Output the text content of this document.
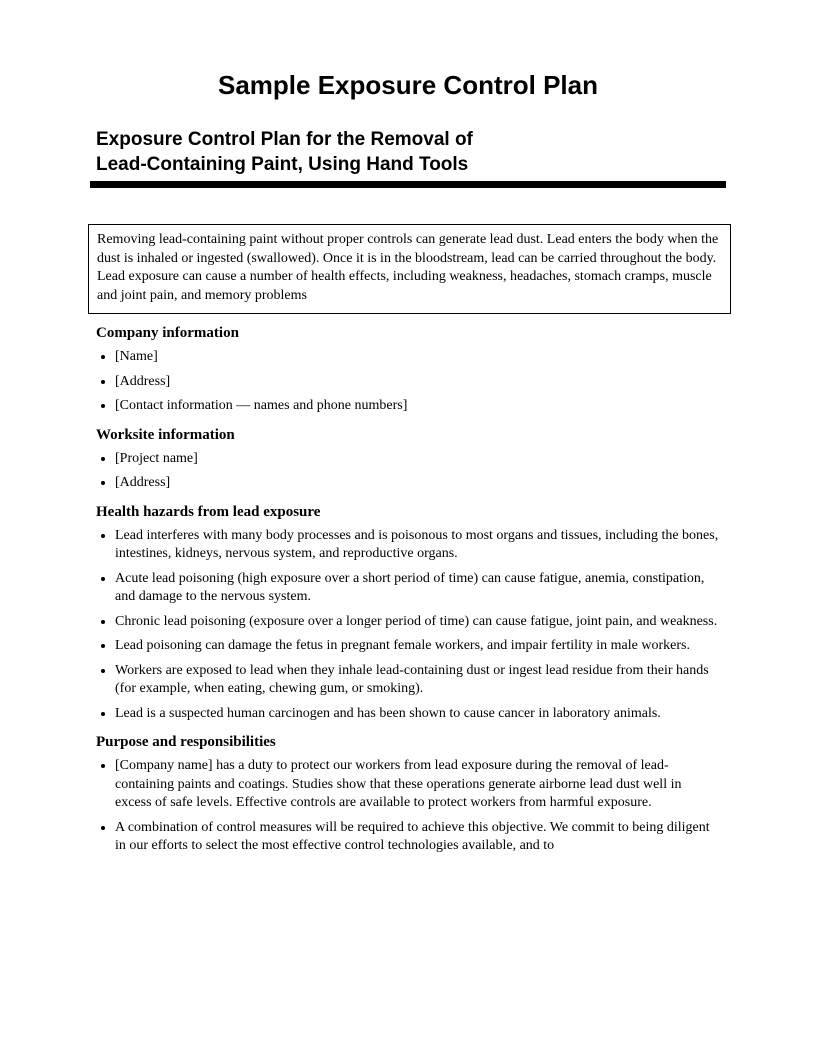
Sample Exposure Control Plan
Exposure Control Plan for the Removal of
Lead-Containing Paint, Using Hand Tools

Removing lead-containing paint without proper controls can generate lead dust. Lead enters the body when the dust is inhaled or ingested (swallowed). Once it is in the bloodstream, lead can be carried throughout the body. Lead exposure can cause a number of health effects, including weakness, headaches, stomach cramps, muscle and joint pain, and memory problems

Company information
• [Name]
• [Address]
• [Contact information — names and phone numbers]
Worksite information
• [Project name]
• [Address]
Health hazards from lead exposure
• Lead interferes with many body processes and is poisonous to most organs and tissues, including the bones, intestines, kidneys, nervous system, and reproductive organs.
• Acute lead poisoning (high exposure over a short period of time) can cause fatigue, anemia, constipation, and damage to the nervous system.
• Chronic lead poisoning (exposure over a longer period of time) can cause fatigue, joint pain, and weakness.
• Lead poisoning can damage the fetus in pregnant female workers, and impair fertility in male workers.
• Workers are exposed to lead when they inhale lead-containing dust or ingest lead residue from their hands (for example, when eating, chewing gum, or smoking).
• Lead is a suspected human carcinogen and has been shown to cause cancer in laboratory animals.
Purpose and responsibilities
• [Company name] has a duty to protect our workers from lead exposure during the removal of lead-containing paints and coatings. Studies show that these operations generate airborne lead dust well in excess of safe levels. Effective controls are available to protect workers from harmful exposure.
• A combination of control measures will be required to achieve this objective. We commit to being diligent in our efforts to select the most effective control technologies available, and to
